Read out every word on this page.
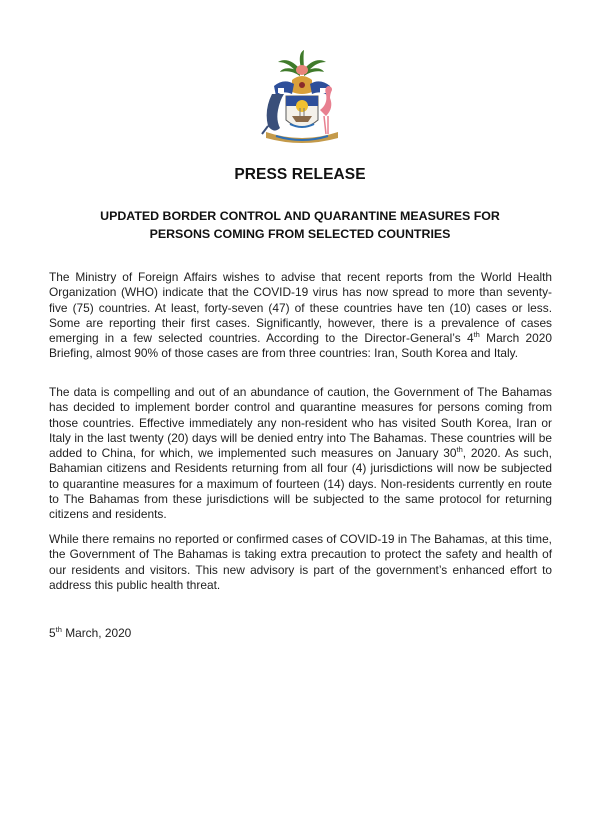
PRESS RELEASE
UPDATED BORDER CONTROL AND QUARANTINE MEASURES FOR
PERSONS COMING FROM SELECTED COUNTRIES
The Ministry of Foreign Affairs wishes to advise that recent reports from the World Health Organization (WHO) indicate that the COVID-19 virus has now spread to more than seventy-five (75) countries. At least, forty-seven (47) of these countries have ten (10) cases or less. Some are reporting their first cases. Significantly, however, there is a prevalence of cases emerging in a few selected countries. According to the Director-General’s 4th March 2020 Briefing, almost 90% of those cases are from three countries: Iran, South Korea and Italy.
The data is compelling and out of an abundance of caution, the Government of The Bahamas has decided to implement border control and quarantine measures for persons coming from those countries. Effective immediately any non-resident who has visited South Korea, Iran or Italy in the last twenty (20) days will be denied entry into The Bahamas. These countries will be added to China, for which, we implemented such measures on January 30th, 2020. As such, Bahamian citizens and Residents returning from all four (4) jurisdictions will now be subjected to quarantine measures for a maximum of fourteen (14) days. Non-residents currently en route to The Bahamas from these jurisdictions will be subjected to the same protocol for returning citizens and residents.
While there remains no reported or confirmed cases of COVID-19 in The Bahamas, at this time, the Government of The Bahamas is taking extra precaution to protect the safety and health of our residents and visitors. This new advisory is part of the government’s enhanced effort to address this public health threat.
5th March, 2020
